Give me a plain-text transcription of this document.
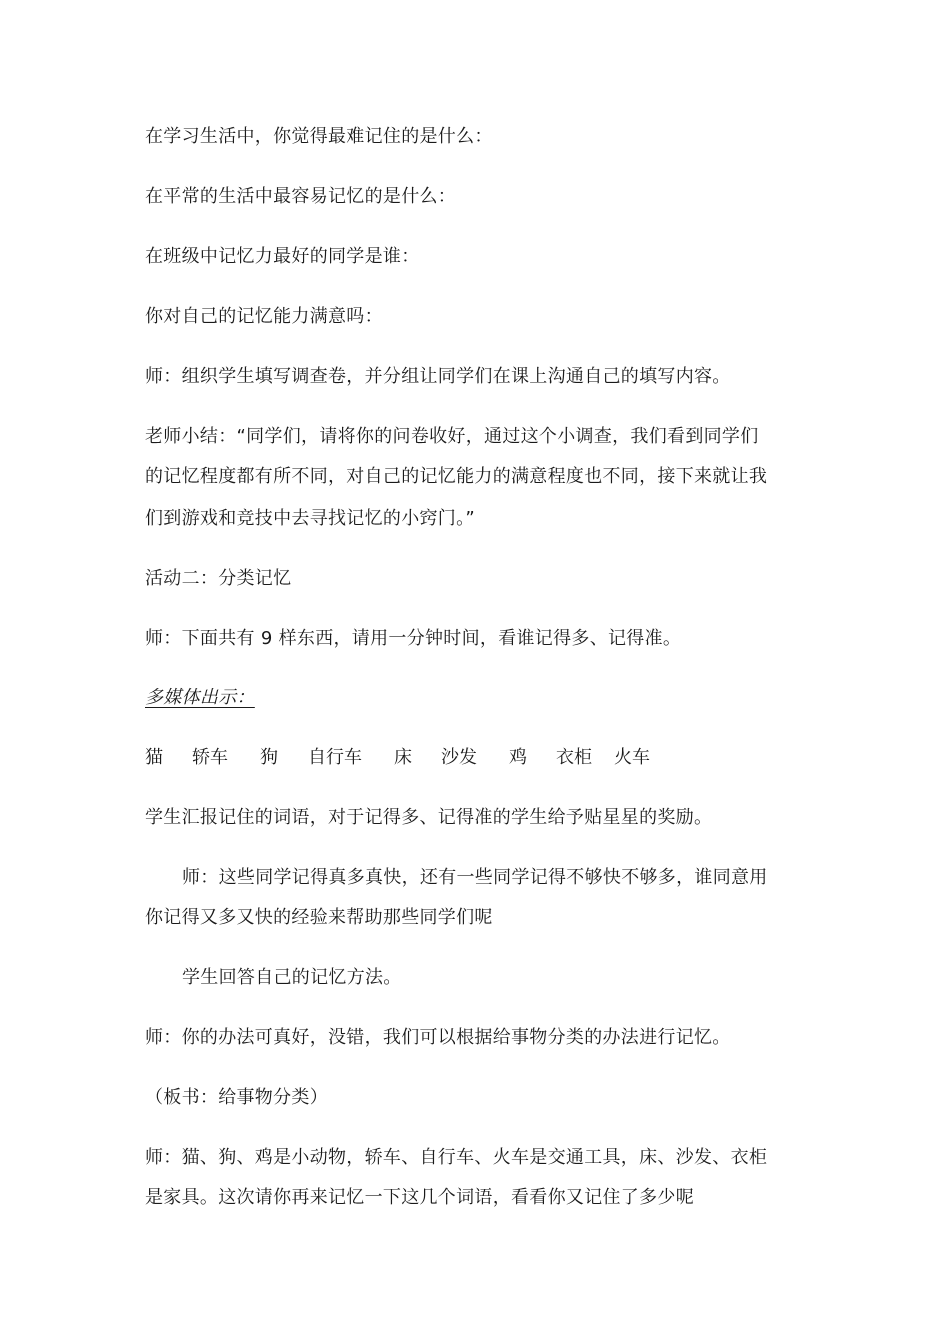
在学习生活中，你觉得最难记住的是什么：
在平常的生活中最容易记忆的是什么：
在班级中记忆力最好的同学是谁：
你对自己的记忆能力满意吗：
师：组织学生填写调查卷，并分组让同学们在课上沟通自己的填写内容。
老师小结：“同学们，请将你的问卷收好，通过这个小调查，我们看到同学们
的记忆程度都有所不同，对自己的记忆能力的满意程度也不同，接下来就让我
们到游戏和竞技中去寻找记忆的小窍门。”
活动二：分类记忆
师：下面共有 9 样东西，请用一分钟时间，看谁记得多、记得准。
多媒体出示：
猫 轿车 狗 自行车 床 沙发 鸡 衣柜 火车
学生汇报记住的词语，对于记得多、记得准的学生给予贴星星的奖励。
师：这些同学记得真多真快，还有一些同学记得不够快不够多，谁同意用
你记得又多又快的经验来帮助那些同学们呢
学生回答自己的记忆方法。
师：你的办法可真好，没错，我们可以根据给事物分类的办法进行记忆。
（板书：给事物分类）
师：猫、狗、鸡是小动物，轿车、自行车、火车是交通工具，床、沙发、衣柜
是家具。这次请你再来记忆一下这几个词语，看看你又记住了多少呢
